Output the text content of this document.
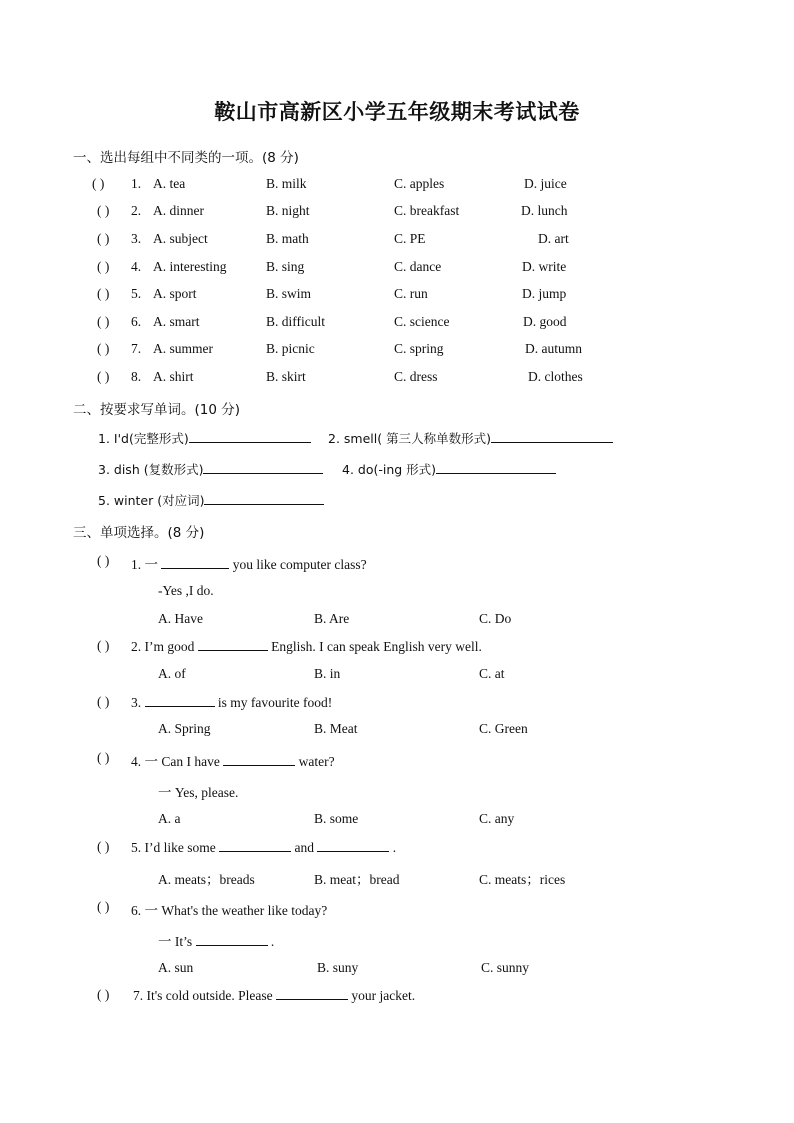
鞍山市高新区小学五年级期末考试试卷
一、选出每组中不同类的一项。(8 分)
( ) 1. A. tea	B. milk	C. apples	D. juice
( ) 2. A. dinner	B. night	C. breakfast	D. lunch
( ) 3. A. subject	B. math	C. PE	D. art
( ) 4. A. interesting	B. sing	C. dance	D. write
( ) 5. A. sport	B. swim	C. run	D. jump
( ) 6. A. smart	B. difficult	C. science	D. good
( ) 7. A. summer	B. picnic	C. spring	D. autumn
( ) 8. A. shirt	B. skirt	C. dress	D. clothes
二、按要求写单词。(10 分)
1. I'd(完整形式)	2. smell( 第三人称单数形式)
3. dish (复数形式)	4. do(-ing 形式)
5. winter (对应词)
三、单项选择。(8 分)
( ) 1. 一	you like computer class?
-Yes ,I do.
A. Have	B. Are	C. Do
( ) 2. I’m good	English. I can speak English very well.
A. of	B. in	C. at
( ) 3.	is my favourite food!
A. Spring	B. Meat	C. Green
( ) 4. 一 Can I have	water?
一 Yes, please.
A. a	B. some	C. any
( ) 5. I’d like some	and	.
A. meats；breads	B. meat；bread	C. meats；rices
( ) 6. 一 What's the weather like today?
一 It’s	.
A. sun	B. suny	C. sunny
( ) 7. It's cold outside. Please	your jacket.
